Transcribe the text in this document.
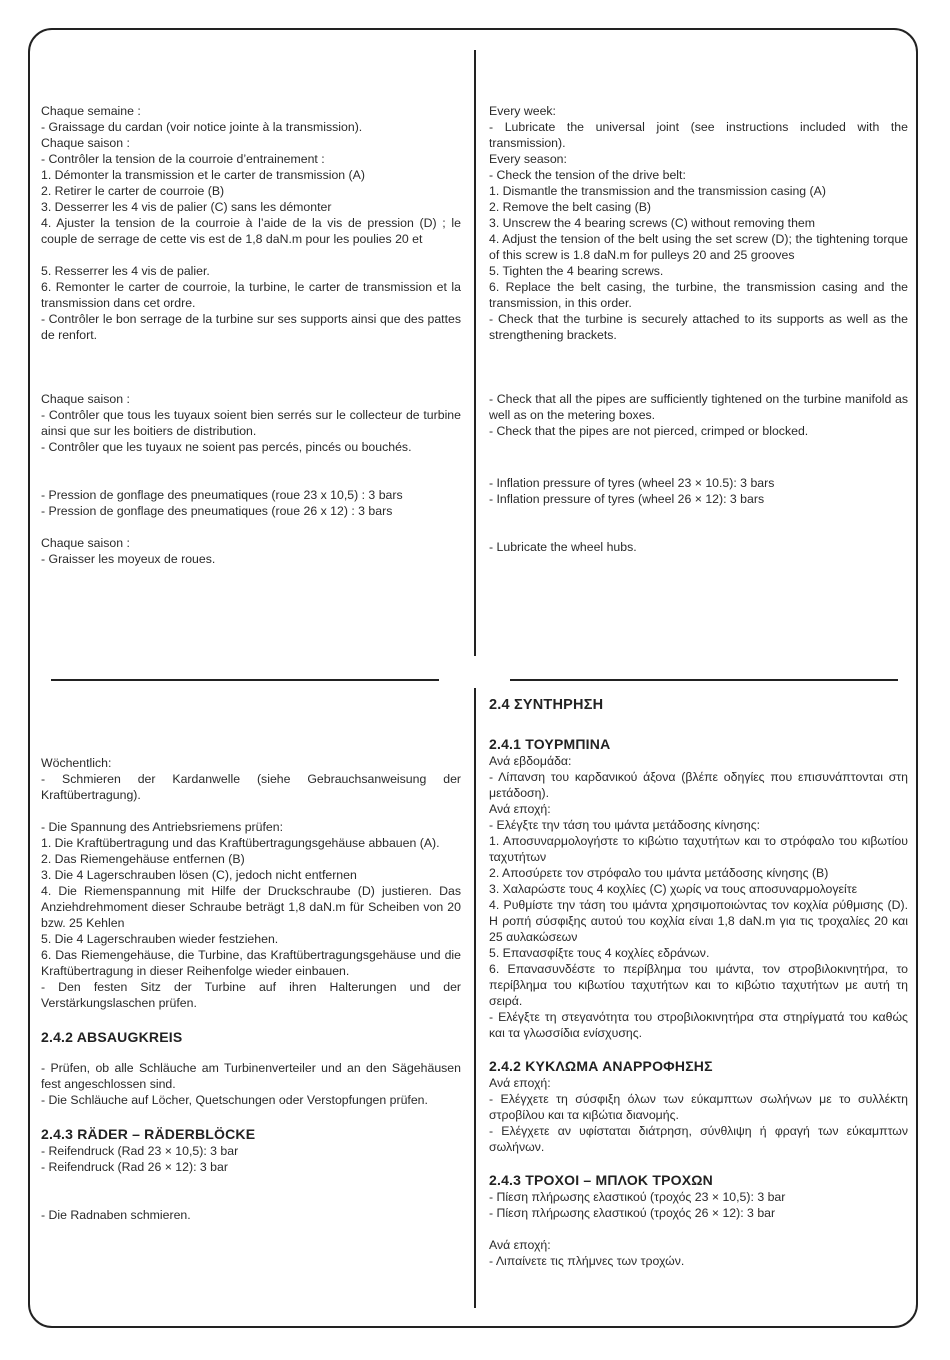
Chaque semaine :

- Graissage du cardan (voir notice jointe à la transmission).

Chaque saison :

- Contrôler la tension de la courroie d’entrainement :

1. Démonter la transmission et le carter de transmission (A)

2. Retirer le carter de courroie (B)

3. Desserrer les 4 vis de palier (C) sans les démonter

4. Ajuster la tension de la courroie à l’aide de la vis de pression (D) ; le couple de serrage de cette vis est de 1,8 daN.m pour les poulies 20 et

5. Resserrer les 4 vis de palier.

6. Remonter le carter de courroie, la turbine, le carter de transmission et la transmission dans cet ordre.

- Contrôler le bon serrage de la turbine sur ses supports ainsi que des pattes de renfort.

Chaque saison :

- Contrôler que tous les tuyaux soient bien serrés sur le collecteur de turbine ainsi que sur les boitiers de distribution.

- Contrôler que les tuyaux ne soient pas percés, pincés ou bouchés.

- Pression de gonflage des pneumatiques (roue 23 x 10,5) : 3 bars

- Pression de gonflage des pneumatiques (roue 26 x 12) : 3 bars

Chaque saison :

- Graisser les moyeux de roues.

Every week:

- Lubricate the universal joint (see instructions included with the transmission).

Every season:

- Check the tension of the drive belt:

1. Dismantle the transmission and the transmission casing (A)

2. Remove the belt casing (B)

3. Unscrew the 4 bearing screws (C) without removing them

4. Adjust the tension of the belt using the set screw (D); the tightening torque of this screw is 1.8 daN.m for pulleys 20 and 25 grooves

5. Tighten the 4 bearing screws.

6. Replace the belt casing, the turbine, the transmission casing and the transmission, in this order.

- Check that the turbine is securely attached to its supports as well as the strengthening brackets.

- Check that all the pipes are sufficiently tightened on the turbine manifold as well as on the metering boxes.

- Check that the pipes are not pierced, crimped or blocked.

- Inflation pressure of tyres (wheel 23 × 10.5): 3 bars

- Inflation pressure of tyres (wheel 26 × 12): 3 bars

- Lubricate the wheel hubs.

Wöchentlich:

- Schmieren der Kardanwelle (siehe Gebrauchsanweisung der Kraftübertragung).

- Die Spannung des Antriebsriemens prüfen:

1. Die Kraftübertragung und das Kraftübertragungsgehäuse abbauen (A).

2. Das Riemengehäuse entfernen (B)

3. Die 4 Lagerschrauben lösen (C), jedoch nicht entfernen

4. Die Riemenspannung mit Hilfe der Druckschraube (D) justieren. Das Anziehdrehmoment dieser Schraube beträgt 1,8 daN.m für Scheiben von 20 bzw. 25 Kehlen

5. Die 4 Lagerschrauben wieder festziehen.

6. Das Riemengehäuse, die Turbine, das Kraftübertragungsgehäuse und die Kraftübertragung in dieser Reihenfolge wieder einbauen.

- Den festen Sitz der Turbine auf ihren Halterungen und der Verstärkungslaschen prüfen.

2.4.2 ABSAUGKREIS

- Prüfen, ob alle Schläuche am Turbinenverteiler und an den Sägehäusen fest angeschlossen sind.

- Die Schläuche auf Löcher, Quetschungen oder Verstopfungen prüfen.

2.4.3 RÄDER – RÄDERBLÖCKE

- Reifendruck (Rad 23 × 10,5): 3 bar

- Reifendruck (Rad 26 × 12): 3 bar

- Die Radnaben schmieren.

2.4 ΣΥΝΤΗΡΗΣΗ
2.4.1 ΤΟΥΡΜΠΙΝΑ

Ανά εβδομάδα:

- Λίπανση του καρδανικού άξονα (βλέπε οδηγίες που επισυνάπτονται στη μετάδοση).

Ανά εποχή:

- Ελέγξτε την τάση του ιμάντα μετάδοσης κίνησης:

1. Αποσυναρμολογήστε το κιβώτιο ταχυτήτων και το στρόφαλο του κιβωτίου ταχυτήτων

2. Αποσύρετε τον στρόφαλο του ιμάντα μετάδοσης κίνησης (B)

3. Χαλαρώστε τους 4 κοχλίες (C) χωρίς να τους αποσυναρμολογείτε

4. Ρυθμίστε την τάση του ιμάντα χρησιμοποιώντας τον κοχλία ρύθμισης (D). Η ροπή σύσφιξης αυτού του κοχλία είναι 1,8 daN.m για τις τροχαλίες 20 και 25 αυλακώσεων

5. Επανασφίξτε τους 4 κοχλίες εδράνων.

6. Επανασυνδέστε το περίβλημα του ιμάντα, τον στροβιλοκινητήρα, το περίβλημα του κιβωτίου ταχυτήτων και το κιβώτιο ταχυτήτων με αυτή τη σειρά.

- Ελέγξτε τη στεγανότητα του στροβιλοκινητήρα στα στηρίγματά του καθώς και τα γλωσσίδια ενίσχυσης.

2.4.2 ΚΥΚΛΩΜΑ ΑΝΑΡΡΟΦΗΣΗΣ

Ανά εποχή:

- Ελέγχετε τη σύσφιξη όλων των εύκαμπτων σωλήνων με το συλλέκτη στροβίλου και τα κιβώτια διανομής.

- Ελέγχετε αν υφίσταται διάτρηση, σύνθλιψη ή φραγή των εύκαμπτων σωλήνων.

2.4.3 ΤΡΟΧΟΙ – ΜΠΛΟΚ ΤΡΟΧΩΝ

- Πίεση πλήρωσης ελαστικού (τροχός 23 × 10,5): 3 bar

- Πίεση πλήρωσης ελαστικού (τροχός 26 × 12): 3 bar

Ανά εποχή:

- Λιπαίνετε τις πλήμνες των τροχών.
